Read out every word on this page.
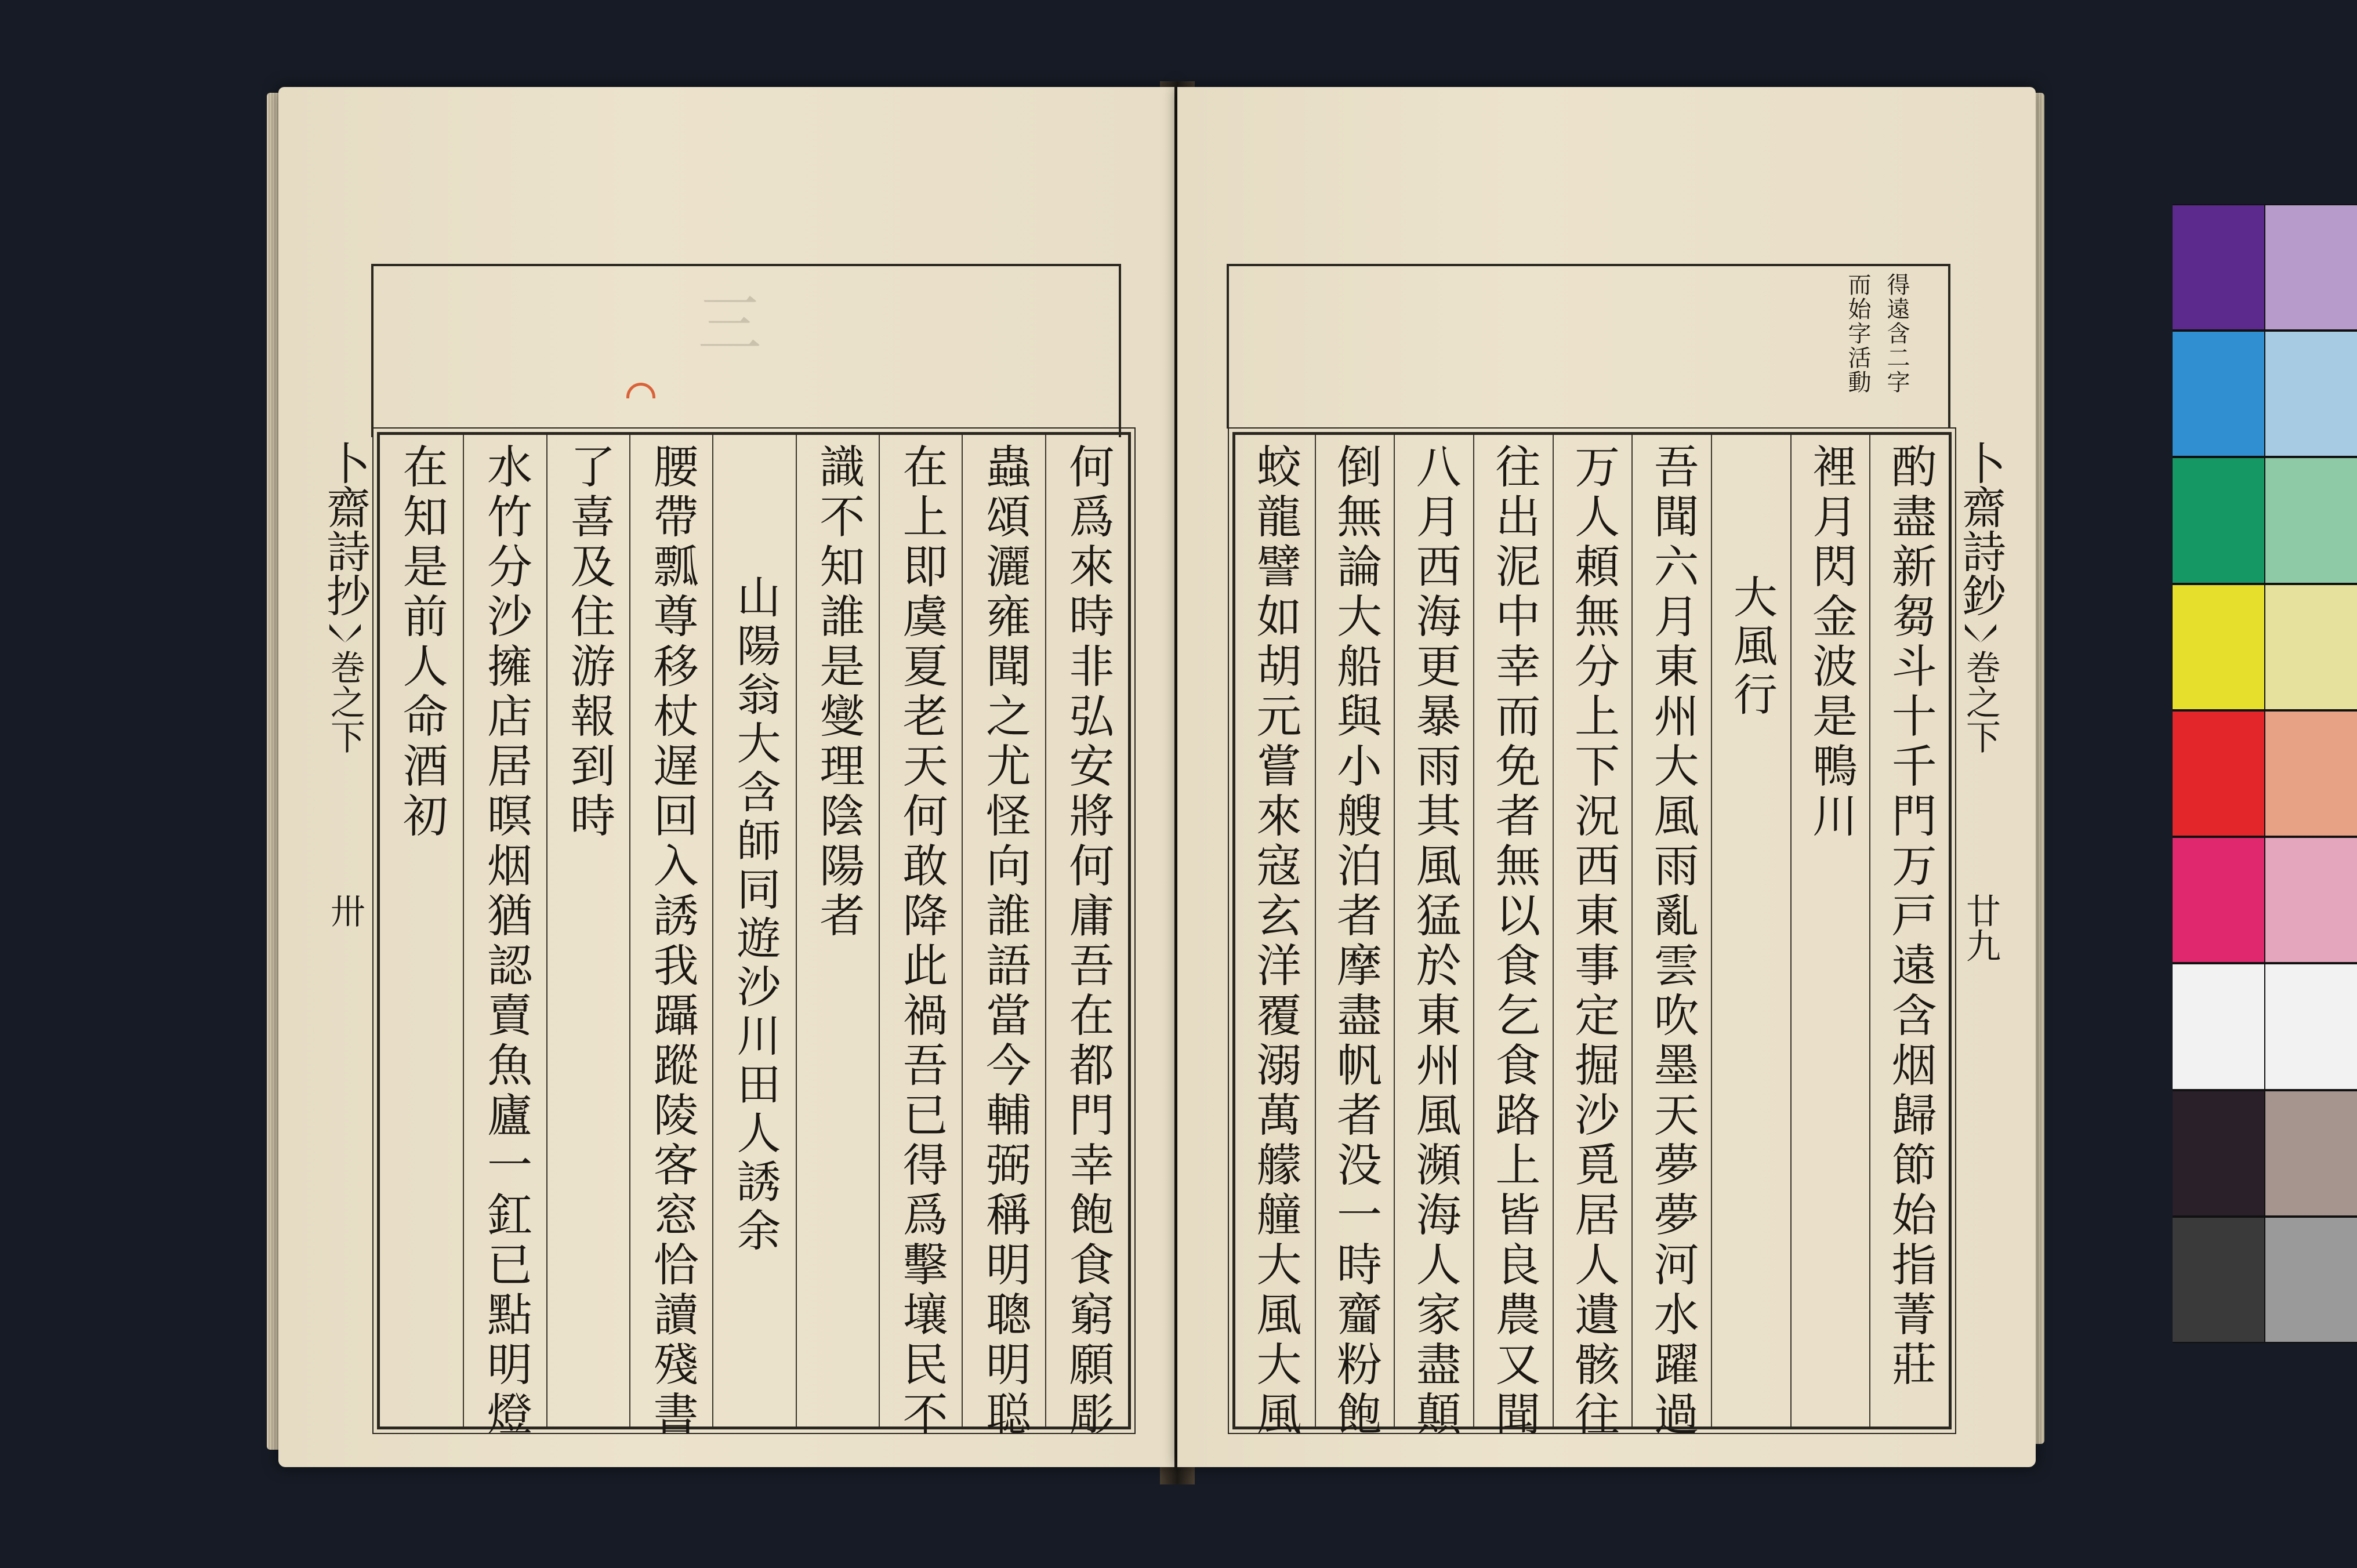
三
何爲來時非弘安將何庸吾在都門幸飽食窮願彫
蟲頌灑雍聞之尤怪向誰語當今輔弼稱明聰明聪
在上即虞夏老天何敢降此禍吾已得爲擊壤民不
識不知誰是燮理陰陽者
山陽翁大含師同遊沙川田人誘余
腰帶瓢尊移杖遅回入誘我躡蹤陵客窓恰讀殘書
了喜及住游報到時
水竹分沙擁店居暝烟猶認賣魚廬一釭已點明燈
在知是前人命酒初
卜齋詩抄
巻之下
卅
得遠含二字
而始字活動
酌盡新芻斗十千門万戸遠含烟歸節始指菁莊
裡月閃金波是鴨川
大風行
吾聞六月東州大風雨亂雲吹墨天夢夢河水躍過
万人頼無分上下況西東事定掘沙覓居人遺骸往
往出泥中幸而免者無以食乞食路上皆良農又聞
八月西海更暴雨其風猛於東州風瀕海人家盡顛
倒無論大船與小艘泊者摩盡帆者没一時齏粉飽
蛟龍譬如胡元嘗來寇玄洋覆溺萬艨艟大風大風	卜齋詩鈔
巻之下
廿九
